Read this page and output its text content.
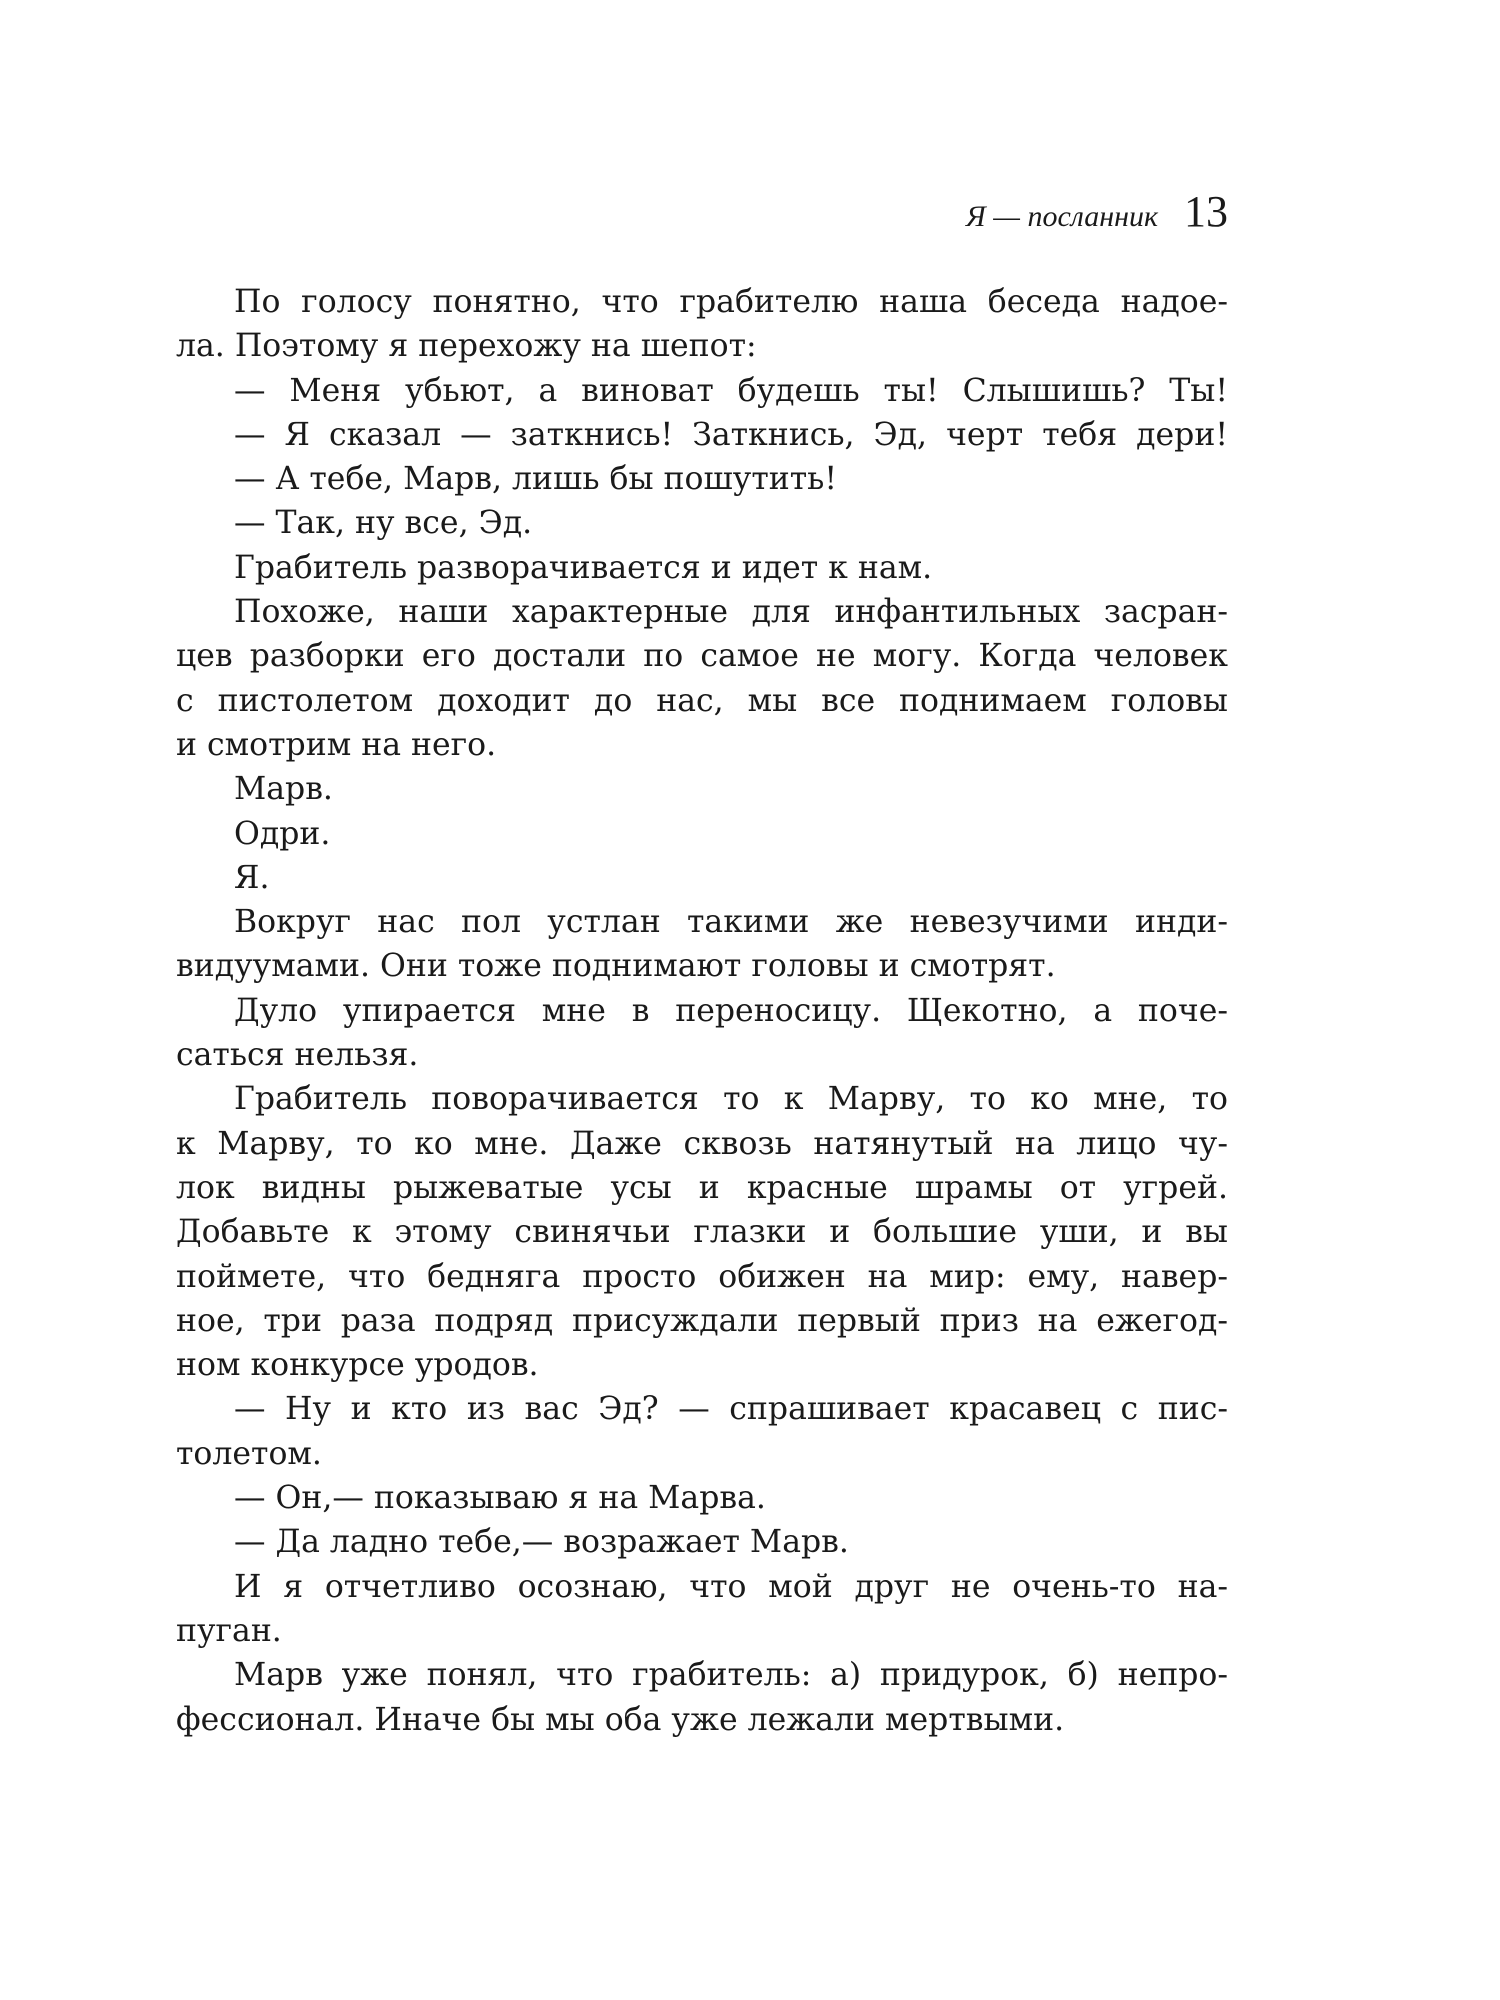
Я — посланник 13
По голосу понятно, что грабителю наша беседа надое-
ла. Поэтому я перехожу на шепот:
— Меня убьют, а виноват будешь ты! Слышишь? Ты!
— Я сказал — заткнись! Заткнись, Эд, черт тебя дери!
— А тебе, Марв, лишь бы пошутить!
— Так, ну все, Эд.
Грабитель разворачивается и идет к нам.
Похоже, наши характерные для инфантильных засран-
цев разборки его достали по самое не могу. Когда человек
с пистолетом доходит до нас, мы все поднимаем головы
и смотрим на него.
Марв.
Одри.
Я.
Вокруг нас пол устлан такими же невезучими инди-
видуумами. Они тоже поднимают головы и смотрят.
Дуло упирается мне в переносицу. Щекотно, а поче-
саться нельзя.
Грабитель поворачивается то к Марву, то ко мне, то
к Марву, то ко мне. Даже сквозь натянутый на лицо чу-
лок видны рыжеватые усы и красные шрамы от угрей.
Добавьте к этому свинячьи глазки и большие уши, и вы
поймете, что бедняга просто обижен на мир: ему, навер-
ное, три раза подряд присуждали первый приз на ежегод-
ном конкурсе уродов.
— Ну и кто из вас Эд? — спрашивает красавец с пис-
толетом.
— Он,— показываю я на Марва.
— Да ладно тебе,— возражает Марв.
И я отчетливо осознаю, что мой друг не очень-то на-
пуган.
Марв уже понял, что грабитель: а) придурок, б) непро-
фессионал. Иначе бы мы оба уже лежали мертвыми.
